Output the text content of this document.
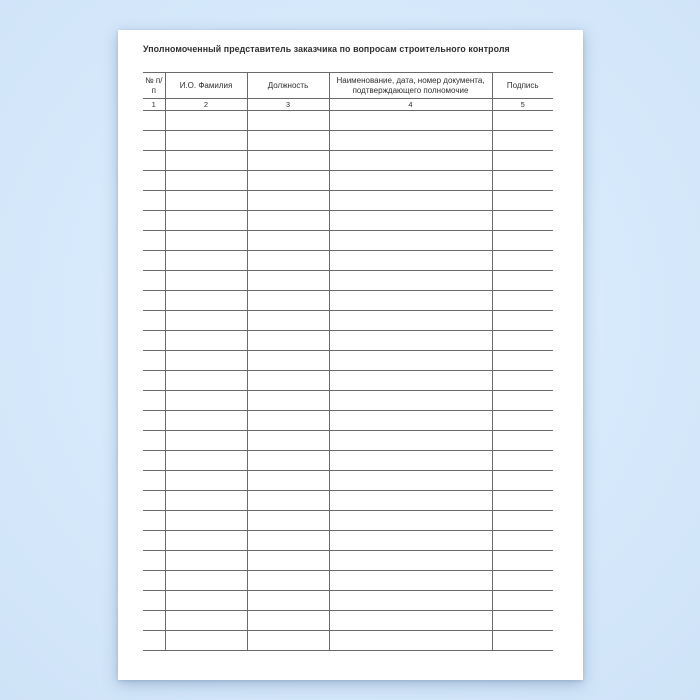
Уполномоченный представитель заказчика по вопросам строительного контроля
№ п/п	И.О. Фамилия	Должность	Наименование, дата, номер документа, подтверждающего полномочие	Подпись
1	2	3	4	5
